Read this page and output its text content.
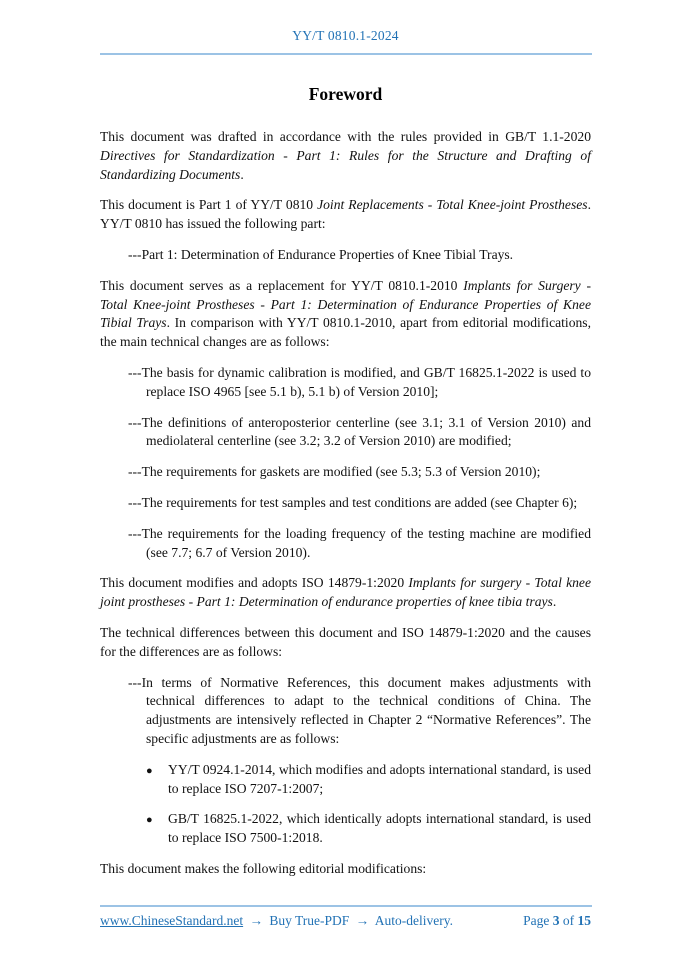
YY/T 0810.1-2024
Foreword
This document was drafted in accordance with the rules provided in GB/T 1.1-2020 Directives for Standardization - Part 1: Rules for the Structure and Drafting of Standardizing Documents.
This document is Part 1 of YY/T 0810 Joint Replacements - Total Knee-joint Prostheses. YY/T 0810 has issued the following part:
---Part 1: Determination of Endurance Properties of Knee Tibial Trays.
This document serves as a replacement for YY/T 0810.1-2010 Implants for Surgery - Total Knee-joint Prostheses - Part 1: Determination of Endurance Properties of Knee Tibial Trays. In comparison with YY/T 0810.1-2010, apart from editorial modifications, the main technical changes are as follows:
---The basis for dynamic calibration is modified, and GB/T 16825.1-2022 is used to replace ISO 4965 [see 5.1 b), 5.1 b) of Version 2010];
---The definitions of anteroposterior centerline (see 3.1; 3.1 of Version 2010) and mediolateral centerline (see 3.2; 3.2 of Version 2010) are modified;
---The requirements for gaskets are modified (see 5.3; 5.3 of Version 2010);
---The requirements for test samples and test conditions are added (see Chapter 6);
---The requirements for the loading frequency of the testing machine are modified (see 7.7; 6.7 of Version 2010).
This document modifies and adopts ISO 14879-1:2020 Implants for surgery - Total knee joint prostheses - Part 1: Determination of endurance properties of knee tibia trays.
The technical differences between this document and ISO 14879-1:2020 and the causes for the differences are as follows:
---In terms of Normative References, this document makes adjustments with technical differences to adapt to the technical conditions of China. The adjustments are intensively reflected in Chapter 2 “Normative References”. The specific adjustments are as follows:
● YY/T 0924.1-2014, which modifies and adopts international standard, is used to replace ISO 7207-1:2007;
● GB/T 16825.1-2022, which identically adopts international standard, is used to replace ISO 7500-1:2018.
This document makes the following editorial modifications:
www.ChineseStandard.net → Buy True-PDF → Auto-delivery.	Page 3 of 15
